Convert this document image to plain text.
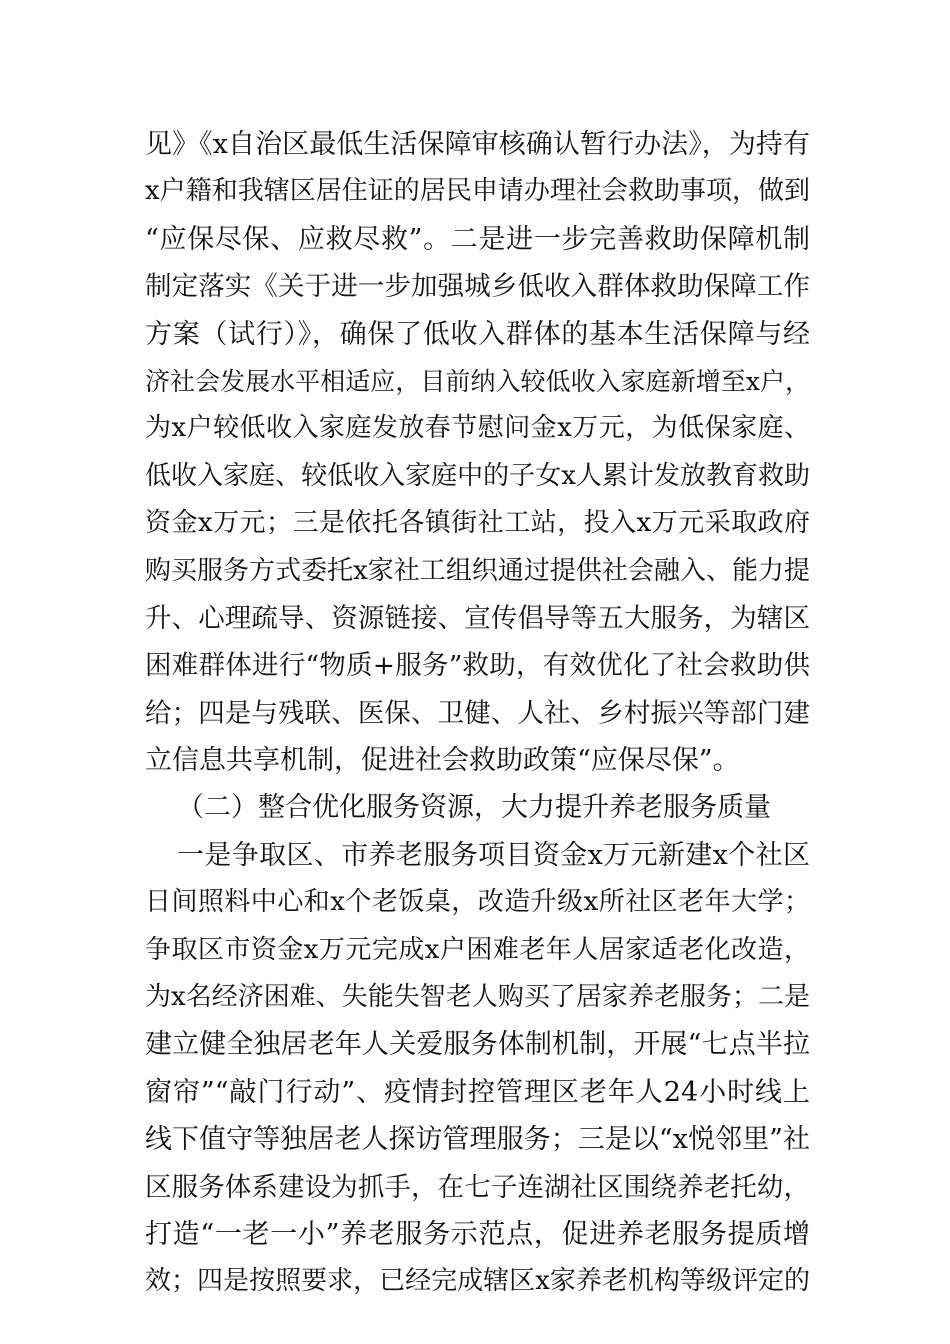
见》《x自治区最低生活保障审核确认暂行办法》，为持有
x户籍和我辖区居住证的居民申请办理社会救助事项，做到
“应保尽保、应救尽救”。二是进一步完善救助保障机制
制定落实《关于进一步加强城乡低收入群体救助保障工作
方案（试行）》，确保了低收入群体的基本生活保障与经
济社会发展水平相适应，目前纳入较低收入家庭新增至x户，
为x户较低收入家庭发放春节慰问金x万元，为低保家庭、
低收入家庭、较低收入家庭中的子女x人累计发放教育救助
资金x万元；三是依托各镇街社工站，投入x万元采取政府
购买服务方式委托x家社工组织通过提供社会融入、能力提
升、心理疏导、资源链接、宣传倡导等五大服务，为辖区
困难群体进行“物质+服务”救助，有效优化了社会救助供
给；四是与残联、医保、卫健、人社、乡村振兴等部门建
立信息共享机制，促进社会救助政策“应保尽保”。
（二）整合优化服务资源，大力提升养老服务质量
一是争取区、市养老服务项目资金x万元新建x个社区
日间照料中心和x个老饭桌，改造升级x所社区老年大学；
争取区市资金x万元完成x户困难老年人居家适老化改造，
为x名经济困难、失能失智老人购买了居家养老服务；二是
建立健全独居老年人关爱服务体制机制，开展“七点半拉
窗帘”“敲门行动”、疫情封控管理区老年人24小时线上
线下值守等独居老人探访管理服务；三是以“x悦邻里”社
区服务体系建设为抓手，在七子连湖社区围绕养老托幼，
打造“一老一小”养老服务示范点，促进养老服务提质增
效；四是按照要求，已经完成辖区x家养老机构等级评定的
